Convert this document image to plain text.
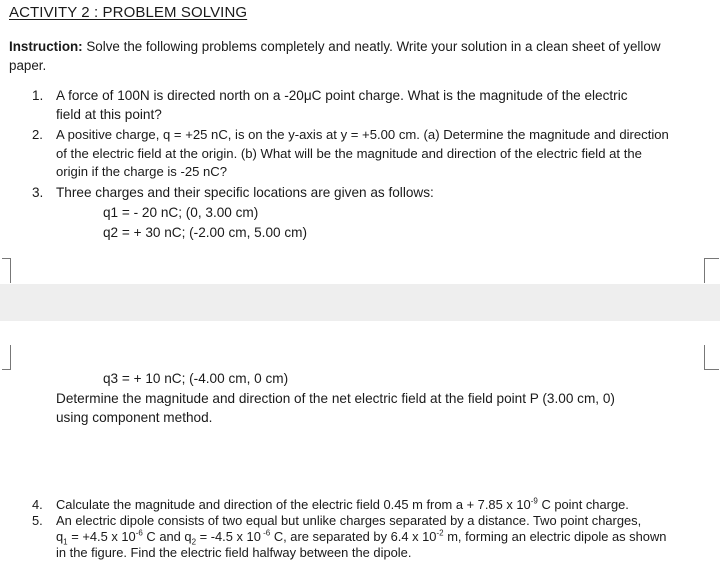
ACTIVITY 2 : PROBLEM SOLVING
Instruction: Solve the following problems completely and neatly. Write your solution in a clean sheet of yellow
paper.
1. A force of 100N is directed north on a -20μC point charge. What is the magnitude of the electric
field at this point?
2. A positive charge, q = +25 nC, is on the y-axis at y = +5.00 cm. (a) Determine the magnitude and direction
of the electric field at the origin. (b) What will be the magnitude and direction of the electric field at the
origin if the charge is -25 nC?
3. Three charges and their specific locations are given as follows:
q1 = - 20 nC; (0, 3.00 cm)
q2 = + 30 nC; (-2.00 cm, 5.00 cm)
q3 = + 10 nC; (-4.00 cm, 0 cm)
Determine the magnitude and direction of the net electric field at the field point P (3.00 cm, 0)
using component method.
4. Calculate the magnitude and direction of the electric field 0.45 m from a + 7.85 x $10^{-9}$ C point charge.
5. An electric dipole consists of two equal but unlike charges separated by a distance. Two point charges,
$q_1 = +4.5$ x $10^{-6}$ C and $q_2 = -4.5$ x 10 $^{-6}$ C, are separated by 6.4 x $10^{-2}$ m, forming an electric dipole as shown
in the figure. Find the electric field halfway between the dipole.
